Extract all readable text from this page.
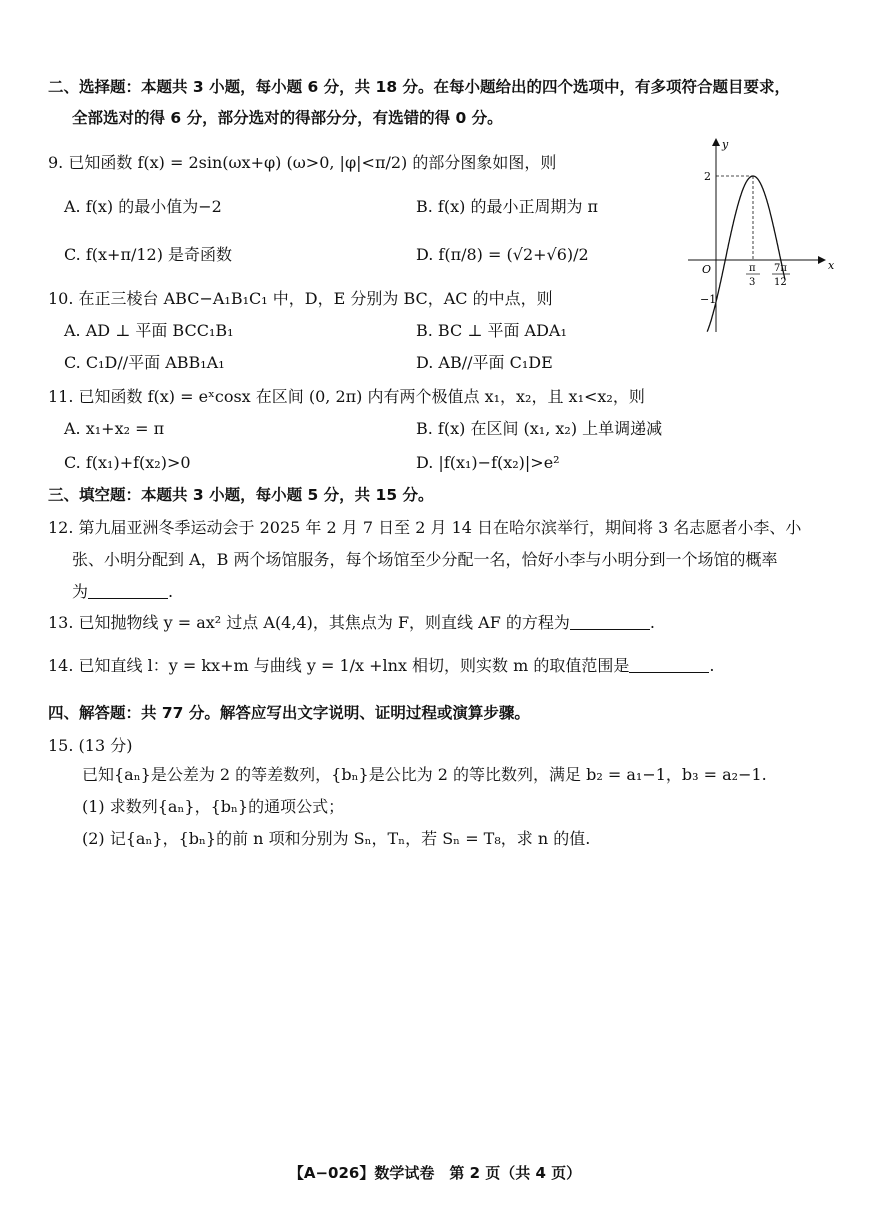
二、选择题：本题共 3 小题，每小题 6 分，共 18 分。在每小题给出的四个选项中，有多项符合题目要求，
全部选对的得 6 分，部分选对的得部分分，有选错的得 0 分。
9. 已知函数 f(x) = 2sin(ωx+φ) (ω>0, |φ|<π/2) 的部分图象如图，则
A. f(x) 的最小值为−2	B. f(x) 的最小正周期为 π
C. f(x+π/12) 是奇函数	D. f(π/8) = (√2+√6)/2
10. 在正三棱台 ABC−A₁B₁C₁ 中，D，E 分别为 BC，AC 的中点，则
A. AD ⊥ 平面 BCC₁B₁	B. BC ⊥ 平面 ADA₁
C. C₁D//平面 ABB₁A₁	D. AB//平面 C₁DE
11. 已知函数 f(x) = eˣcosx 在区间 (0, 2π) 内有两个极值点 x₁，x₂，且 x₁<x₂，则
A. x₁+x₂ = π	B. f(x) 在区间 (x₁, x₂) 上单调递减
C. f(x₁)+f(x₂)>0	D. |f(x₁)−f(x₂)|>e²
三、填空题：本题共 3 小题，每小题 5 分，共 15 分。
12. 第九届亚洲冬季运动会于 2025 年 2 月 7 日至 2 月 14 日在哈尔滨举行，期间将 3 名志愿者小李、小
张、小明分配到 A，B 两个场馆服务，每个场馆至少分配一名，恰好小李与小明分到一个场馆的概率
为	.
13. 已知抛物线 y = ax² 过点 A(4,4)，其焦点为 F，则直线 AF 的方程为	.
14. 已知直线 l：y = kx+m 与曲线 y = 1/x +lnx 相切，则实数 m 的取值范围是	.
四、解答题：共 77 分。解答应写出文字说明、证明过程或演算步骤。
15. (13 分)
已知{aₙ}是公差为 2 的等差数列，{bₙ}是公比为 2 的等比数列，满足 b₂ = a₁−1，b₃ = a₂−1.
(1) 求数列{aₙ}，{bₙ}的通项公式；
(2) 记{aₙ}，{bₙ}的前 n 项和分别为 Sₙ，Tₙ，若 Sₙ = T₈，求 n 的值.
y
x
O
2
−1
π
3
7π
12
【A−026】数学试卷　第 2 页（共 4 页）
